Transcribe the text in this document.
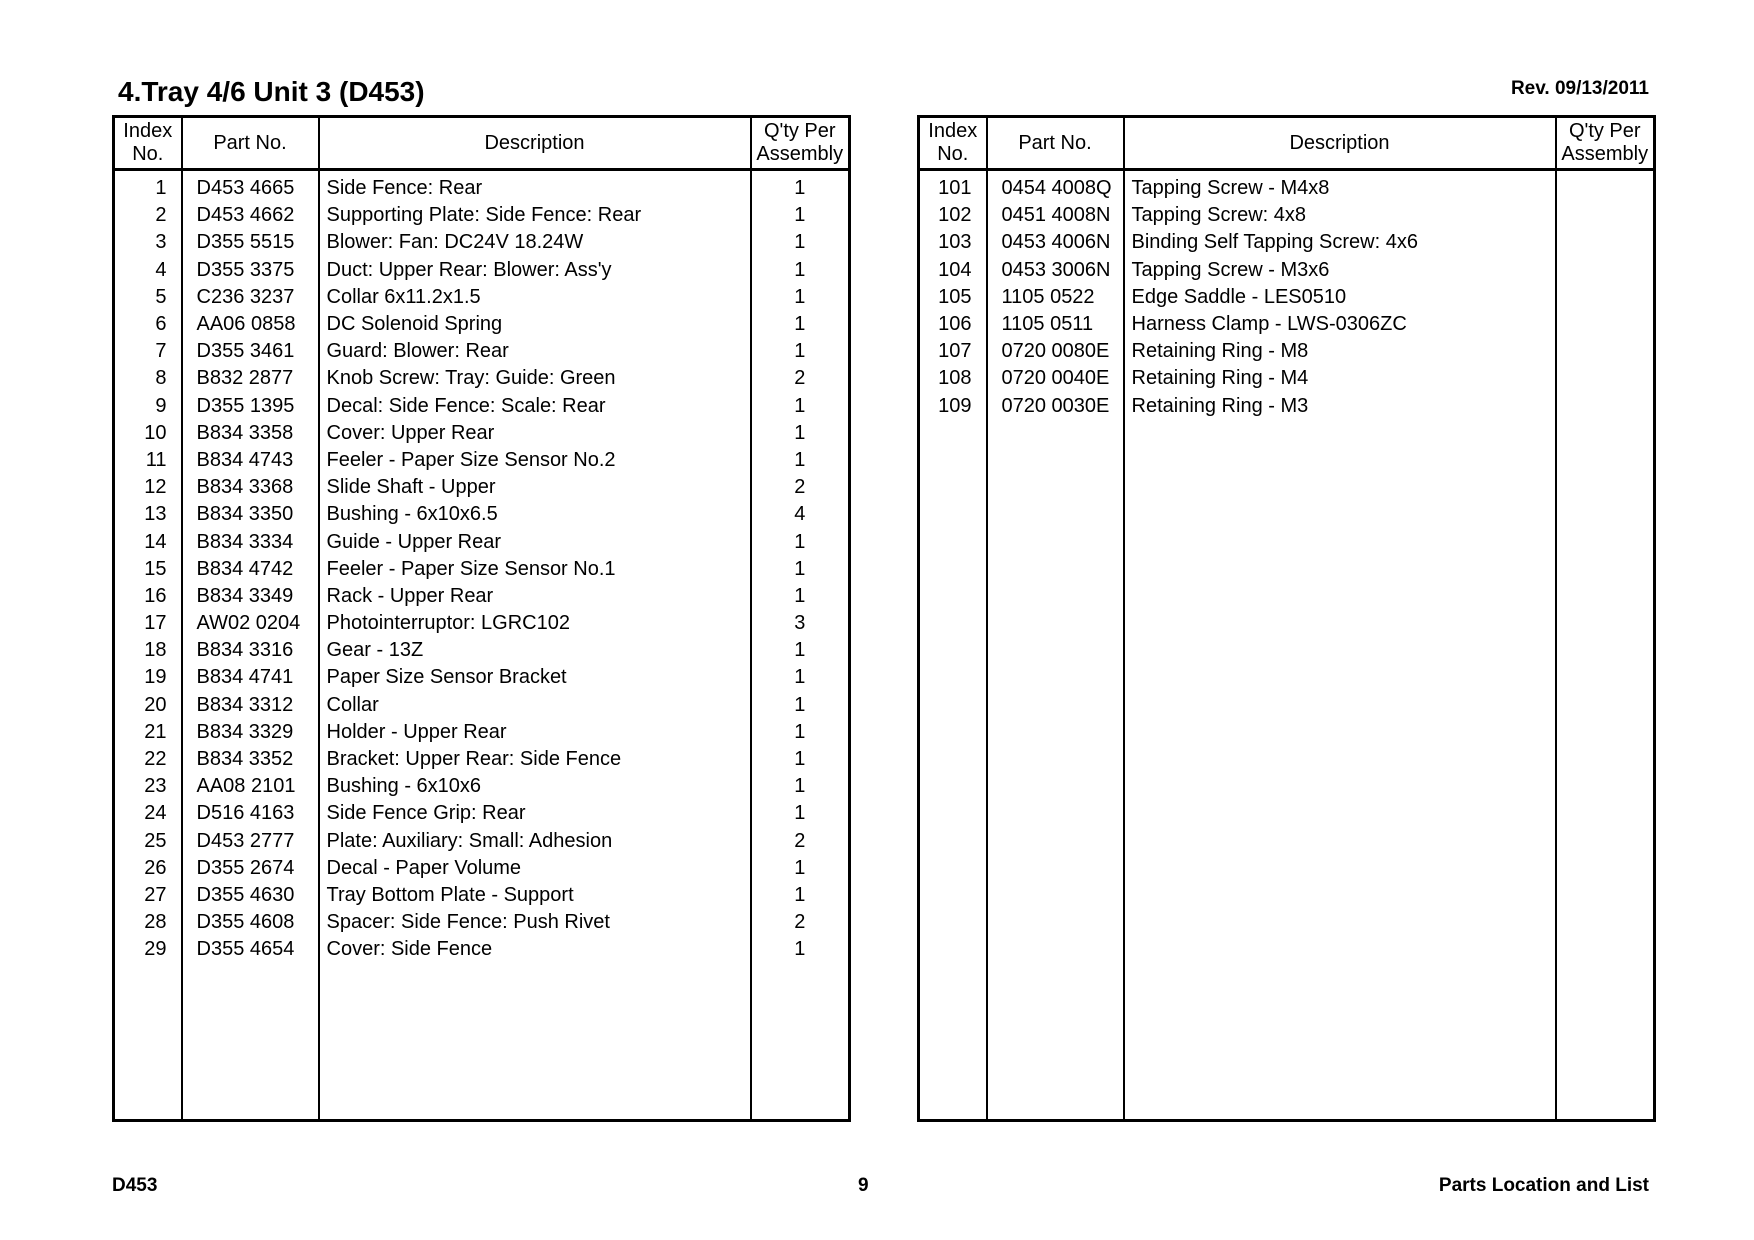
4.Tray 4/6 Unit 3 (D453)	Rev. 09/13/2011
Index
No.	Part No.	Description	Q'ty Per
Assembly
1	D453 4665	Side Fence: Rear	1
2	D453 4662	Supporting Plate: Side Fence: Rear	1
3	D355 5515	Blower: Fan: DC24V 18.24W	1
4	D355 3375	Duct: Upper Rear: Blower: Ass'y	1
5	C236 3237	Collar 6x11.2x1.5	1
6	AA06 0858	DC Solenoid Spring	1
7	D355 3461	Guard: Blower: Rear	1
8	B832 2877	Knob Screw: Tray: Guide: Green	2
9	D355 1395	Decal: Side Fence: Scale: Rear	1
10	B834 3358	Cover: Upper Rear	1
11	B834 4743	Feeler - Paper Size Sensor No.2	1
12	B834 3368	Slide Shaft - Upper	2
13	B834 3350	Bushing - 6x10x6.5	4
14	B834 3334	Guide - Upper Rear	1
15	B834 4742	Feeler - Paper Size Sensor No.1	1
16	B834 3349	Rack - Upper Rear	1
17	AW02 0204	Photointerruptor: LGRC102	3
18	B834 3316	Gear - 13Z	1
19	B834 4741	Paper Size Sensor Bracket	1
20	B834 3312	Collar	1
21	B834 3329	Holder - Upper Rear	1
22	B834 3352	Bracket: Upper Rear: Side Fence	1
23	AA08 2101	Bushing - 6x10x6	1
24	D516 4163	Side Fence Grip: Rear	1
25	D453 2777	Plate: Auxiliary: Small: Adhesion	2
26	D355 2674	Decal - Paper Volume	1
27	D355 4630	Tray Bottom Plate - Support	1
28	D355 4608	Spacer: Side Fence: Push Rivet	2
29	D355 4654	Cover: Side Fence	1

Index
No.	Part No.	Description	Q'ty Per
Assembly
101	0454 4008Q	Tapping Screw - M4x8	
102	0451 4008N	Tapping Screw: 4x8	
103	0453 4006N	Binding Self Tapping Screw: 4x6	
104	0453 3006N	Tapping Screw - M3x6	
105	1105 0522	Edge Saddle - LES0510	
106	1105 0511	Harness Clamp - LWS-0306ZC	
107	0720 0080E	Retaining Ring - M8	
108	0720 0040E	Retaining Ring - M4	
109	0720 0030E	Retaining Ring - M3	

D453	9	Parts Location and List
